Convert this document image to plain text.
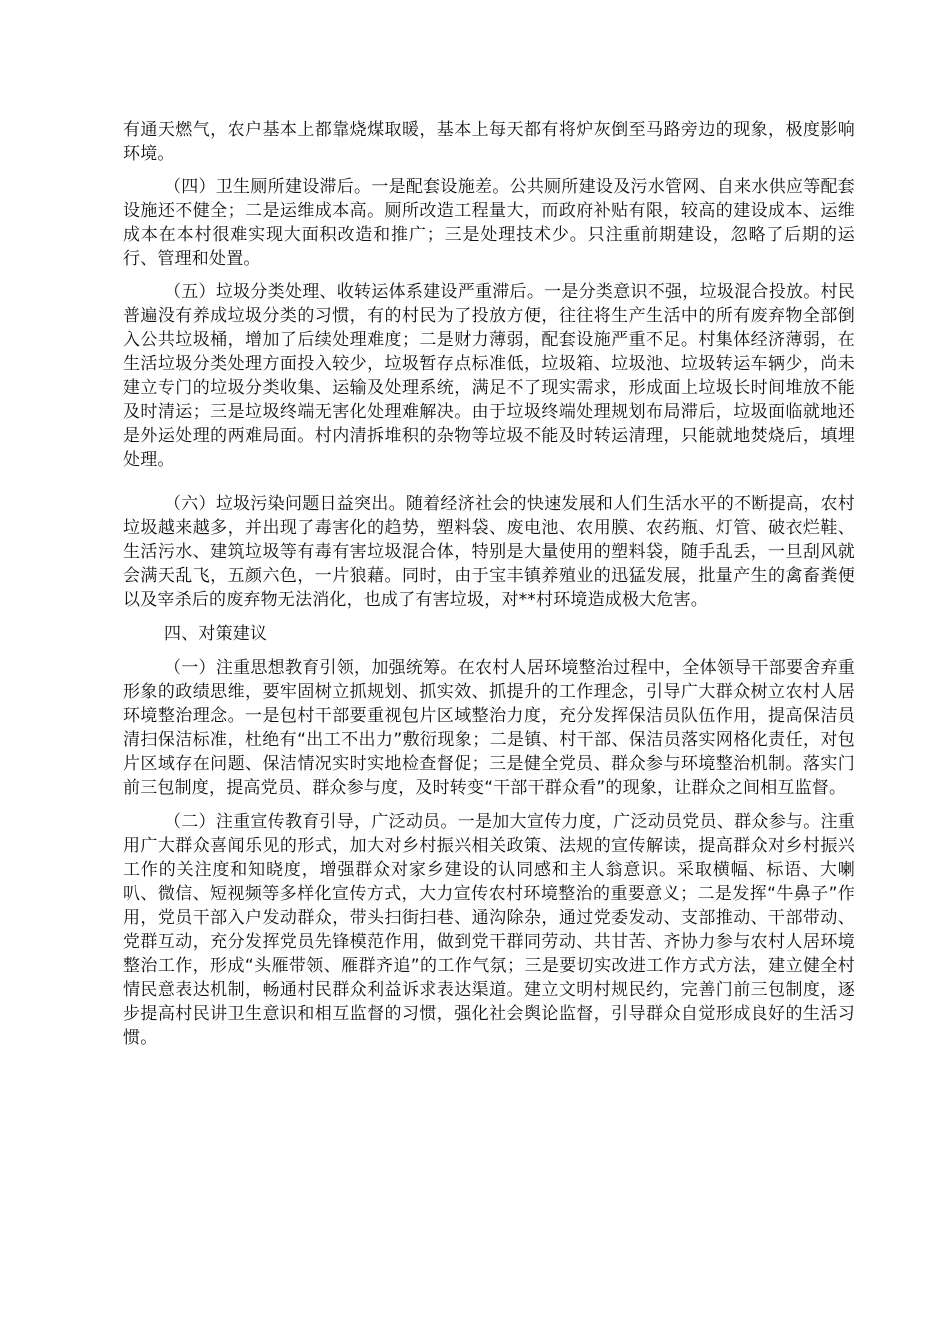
有通天燃气，农户基本上都靠烧煤取暖，基本上每天都有将炉灰倒至马路旁边的现象，极度影响环境。

（四）卫生厕所建设滞后。一是配套设施差。公共厕所建设及污水管网、自来水供应等配套设施还不健全；二是运维成本高。厕所改造工程量大，而政府补贴有限，较高的建设成本、运维成本在本村很难实现大面积改造和推广；三是处理技术少。只注重前期建设，忽略了后期的运行、管理和处置。

（五）垃圾分类处理、收转运体系建设严重滞后。一是分类意识不强，垃圾混合投放。村民普遍没有养成垃圾分类的习惯，有的村民为了投放方便，往往将生产生活中的所有废弃物全部倒入公共垃圾桶，增加了后续处理难度；二是财力薄弱，配套设施严重不足。村集体经济薄弱，在生活垃圾分类处理方面投入较少，垃圾暂存点标准低，垃圾箱、垃圾池、垃圾转运车辆少，尚未建立专门的垃圾分类收集、运输及处理系统，满足不了现实需求，形成面上垃圾长时间堆放不能及时清运；三是垃圾终端无害化处理难解决。由于垃圾终端处理规划布局滞后，垃圾面临就地还是外运处理的两难局面。村内清拆堆积的杂物等垃圾不能及时转运清理，只能就地焚烧后，填埋处理。

（六）垃圾污染问题日益突出。随着经济社会的快速发展和人们生活水平的不断提高，农村垃圾越来越多，并出现了毒害化的趋势，塑料袋、废电池、农用膜、农药瓶、灯管、破衣烂鞋、生活污水、建筑垃圾等有毒有害垃圾混合体，特别是大量使用的塑料袋，随手乱丢，一旦刮风就会满天乱飞，五颜六色，一片狼藉。同时，由于宝丰镇养殖业的迅猛发展，批量产生的禽畜粪便以及宰杀后的废弃物无法消化，也成了有害垃圾，对**村环境造成极大危害。

四、对策建议

（一）注重思想教育引领，加强统筹。在农村人居环境整治过程中，全体领导干部要舍弃重形象的政绩思维，要牢固树立抓规划、抓实效、抓提升的工作理念，引导广大群众树立农村人居环境整治理念。一是包村干部要重视包片区域整治力度，充分发挥保洁员队伍作用，提高保洁员清扫保洁标准，杜绝有“出工不出力”敷衍现象；二是镇、村干部、保洁员落实网格化责任，对包片区域存在问题、保洁情况实时实地检查督促；三是健全党员、群众参与环境整治机制。落实门前三包制度，提高党员、群众参与度，及时转变“干部干群众看”的现象，让群众之间相互监督。

（二）注重宣传教育引导，广泛动员。一是加大宣传力度，广泛动员党员、群众参与。注重用广大群众喜闻乐见的形式，加大对乡村振兴相关政策、法规的宣传解读，提高群众对乡村振兴工作的关注度和知晓度，增强群众对家乡建设的认同感和主人翁意识。采取横幅、标语、大喇叭、微信、短视频等多样化宣传方式，大力宣传农村环境整治的重要意义；二是发挥“牛鼻子”作用，党员干部入户发动群众，带头扫街扫巷、通沟除杂，通过党委发动、支部推动、干部带动、党群互动，充分发挥党员先锋模范作用，做到党干群同劳动、共甘苦、齐协力参与农村人居环境整治工作，形成“头雁带领、雁群齐追”的工作气氛；三是要切实改进工作方式方法，建立健全村情民意表达机制，畅通村民群众利益诉求表达渠道。建立文明村规民约，完善门前三包制度，逐步提高村民讲卫生意识和相互监督的习惯，强化社会舆论监督，引导群众自觉形成良好的生活习惯。
